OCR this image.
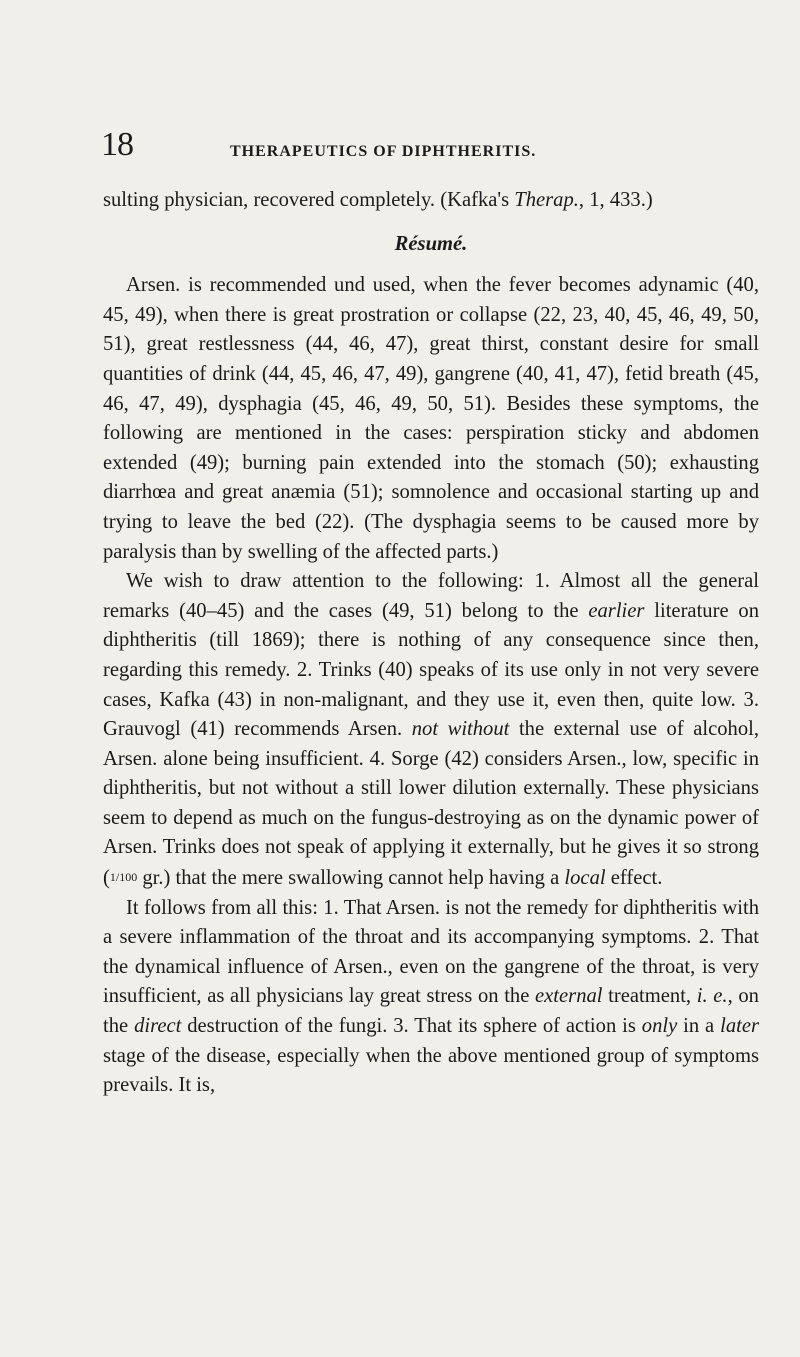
18	THERAPEUTICS OF DIPHTHERITIS.

sulting physician, recovered completely. (Kafka's Therap., 1, 433.)

Résumé.

Arsen. is recommended und used, when the fever becomes adynamic (40, 45, 49), when there is great prostration or collapse (22, 23, 40, 45, 46, 49, 50, 51), great restlessness (44, 46, 47), great thirst, constant desire for small quantities of drink (44, 45, 46, 47, 49), gangrene (40, 41, 47), fetid breath (45, 46, 47, 49), dysphagia (45, 46, 49, 50, 51). Besides these symptoms, the following are mentioned in the cases: perspiration sticky and abdomen extended (49); burning pain extended into the stomach (50); exhausting diarrhœa and great anæmia (51); somnolence and occasional starting up and trying to leave the bed (22). (The dysphagia seems to be caused more by paralysis than by swelling of the affected parts.)

We wish to draw attention to the following: 1. Almost all the general remarks (40–45) and the cases (49, 51) belong to the earlier literature on diphtheritis (till 1869); there is nothing of any consequence since then, regarding this remedy. 2. Trinks (40) speaks of its use only in not very severe cases, Kafka (43) in non-malignant, and they use it, even then, quite low. 3. Grauvogl (41) recommends Arsen. not without the external use of alcohol, Arsen. alone being insufficient. 4. Sorge (42) considers Arsen., low, specific in diphtheritis, but not without a still lower dilution externally. These physicians seem to depend as much on the fungus-destroying as on the dynamic power of Arsen. Trinks does not speak of applying it externally, but he gives it so strong (1/100 gr.) that the mere swallowing cannot help having a local effect.

It follows from all this: 1. That Arsen. is not the remedy for diphtheritis with a severe inflammation of the throat and its accompanying symptoms. 2. That the dynamical influence of Arsen., even on the gangrene of the throat, is very insufficient, as all physicians lay great stress on the external treatment, i. e., on the direct destruction of the fungi. 3. That its sphere of action is only in a later stage of the disease, especially when the above mentioned group of symptoms prevails. It is,
